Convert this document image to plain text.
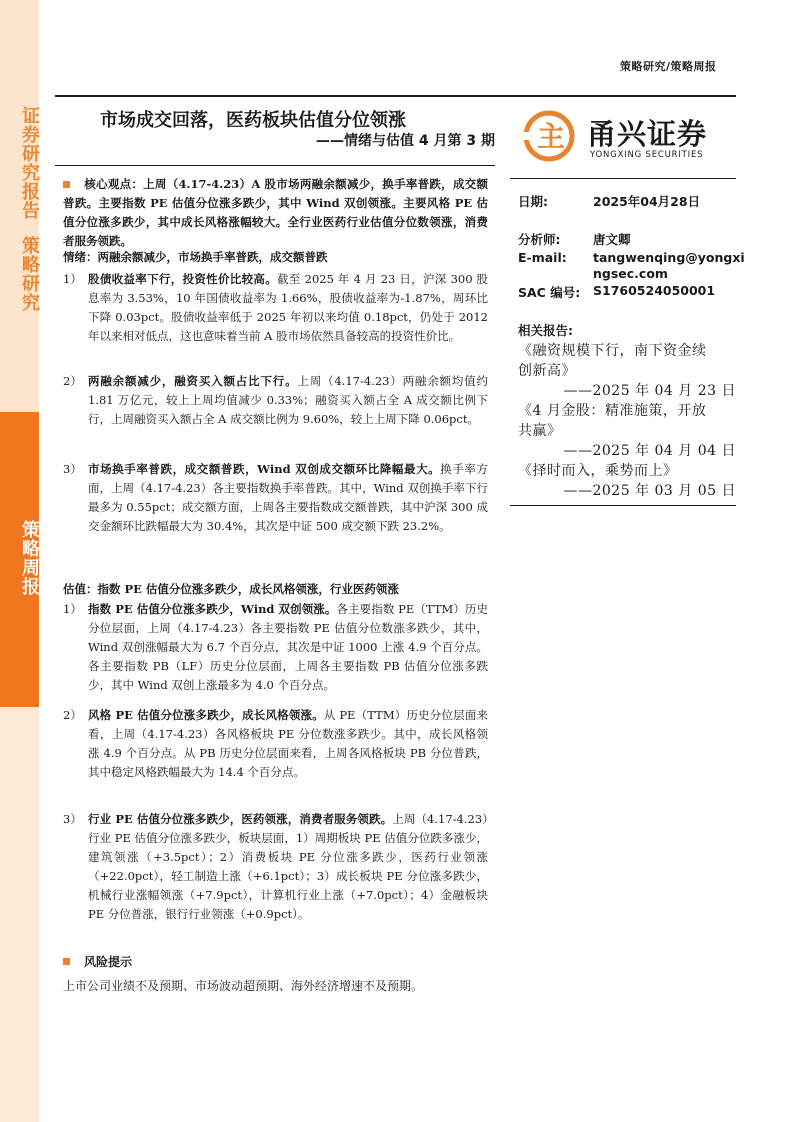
证券研究报告
策略研究
策略周报
策略研究/策略周报
市场成交回落，医药板块估值分位领涨
——情绪与估值 4 月第 3 期 主 甬兴证券
YONGXING SECURITIES
日期:	2025年04月28日
分析师:	唐文卿
E-mail: tangwenqing@yongxi
ngsec.com
SAC 编号: S1760524050001
相关报告:
《融资规模下行，南下资金续
创新高》
——2025 年 04 月 23 日
《4 月金股：精准施策，开放
共赢》
——2025 年 04 月 04 日
《择时而入，乘势而上》
——2025 年 03 月 05 日
核心观点：上周（4.17-4.23）A 股市场两融余额减少，换手率普跌，成交额普跌。主要指数 PE 估值分位涨多跌少，其中 Wind 双创领涨。主要风格 PE 估值分位涨多跌少，其中成长风格涨幅较大。全行业医药行业估值分位数领涨，消费者服务领跌。
情绪：两融余额减少，市场换手率普跌，成交额普跌
1） 股债收益率下行，投资性价比较高。截至 2025 年 4 月 23 日，沪深 300 股息率为 3.53%，10 年国债收益率为 1.66%，股债收益率为-1.87%，周环比下降 0.03pct。股债收益率低于 2025 年初以来均值 0.18pct，仍处于 2012 年以来相对低点，这也意味着当前 A 股市场依然具备较高的投资性价比。
2） 两融余额减少，融资买入额占比下行。上周（4.17-4.23）两融余额均值约 1.81 万亿元，较上上周均值减少 0.33%；融资买入额占全 A 成交额比例下行，上周融资买入额占全 A 成交额比例为 9.60%，较上上周下降 0.06pct。
3） 市场换手率普跌，成交额普跌，Wind 双创成交额环比降幅最大。换手率方面，上周（4.17-4.23）各主要指数换手率普跌。其中，Wind 双创换手率下行最多为 0.55pct；成交额方面，上周各主要指数成交额普跌，其中沪深 300 成交金额环比跌幅最大为 30.4%，其次是中证 500 成交额下跌 23.2%。
估值：指数 PE 估值分位涨多跌少，成长风格领涨，行业医药领涨
1） 指数 PE 估值分位涨多跌少，Wind 双创领涨。各主要指数 PE（TTM）历史分位层面，上周（4.17-4.23）各主要指数 PE 估值分位数涨多跌少，其中，Wind 双创涨幅最大为 6.7 个百分点，其次是中证 1000 上涨 4.9 个百分点。各主要指数 PB（LF）历史分位层面，上周各主要指数 PB 估值分位涨多跌少，其中 Wind 双创上涨最多为 4.0 个百分点。
2） 风格 PE 估值分位涨多跌少，成长风格领涨。从 PE（TTM）历史分位层面来看，上周（4.17-4.23）各风格板块 PE 分位数涨多跌少。其中，成长风格领涨 4.9 个百分点。从 PB 历史分位层面来看，上周各风格板块 PB 分位普跌，其中稳定风格跌幅最大为 14.4 个百分点。
3） 行业 PE 估值分位涨多跌少，医药领涨，消费者服务领跌。上周（4.17-4.23）行业 PE 估值分位涨多跌少，板块层面，1）周期板块 PE 估值分位跌多涨少，建筑领涨（+3.5pct）；2）消费板块 PE 分位涨多跌少，医药行业领涨（+22.0pct），轻工制造上涨（+6.1pct）；3）成长板块 PE 分位涨多跌少，机械行业涨幅领涨（+7.9pct），计算机行业上涨（+7.0pct）；4）金融板块 PE 分位普涨，银行行业领涨（+0.9pct）。
风险提示
上市公司业绩不及预期、市场波动超预期、海外经济增速不及预期。
